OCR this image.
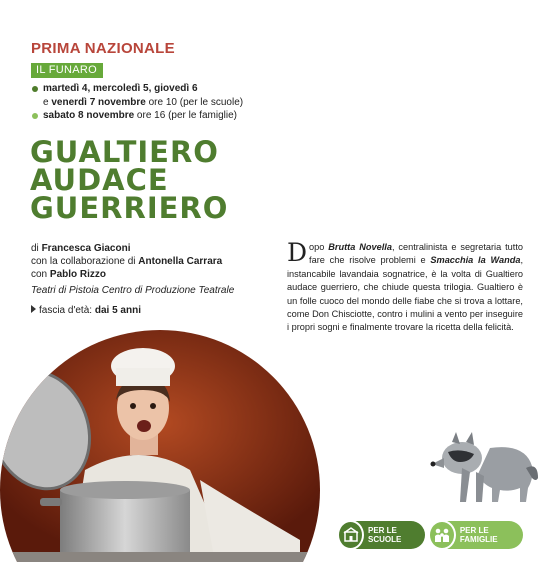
PRIMA NAZIONALE
IL FUNARO
martedì 4, mercoledì 5, giovedì 6
e venerdì 7 novembre ore 10 (per le scuole)
sabato 8 novembre ore 16 (per le famiglie)
GUALTIERO
AUDACE
GUERRIERO
di Francesca Giaconi
con la collaborazione di Antonella Carrara
con Pablo Rizzo
Teatri di Pistoia Centro di Produzione Teatrale
fascia d'età: dai 5 anni
Dopo Brutta Novella, centralinista e segretaria tutto fare che risolve problemi e Smacchia la Wanda, instancabile lavandaia sognatrice, è la volta di Gualtiero audace guerriero, che chiude questa trilogia. Gualtiero è un folle cuoco del mondo delle fiabe che si trova a lottare, come Don Chisciotte, contro i mulini a vento per inseguire i propri sogni e finalmente trovare la ricetta della felicità.
PER LE SCUOLE
PER LE FAMIGLIE
